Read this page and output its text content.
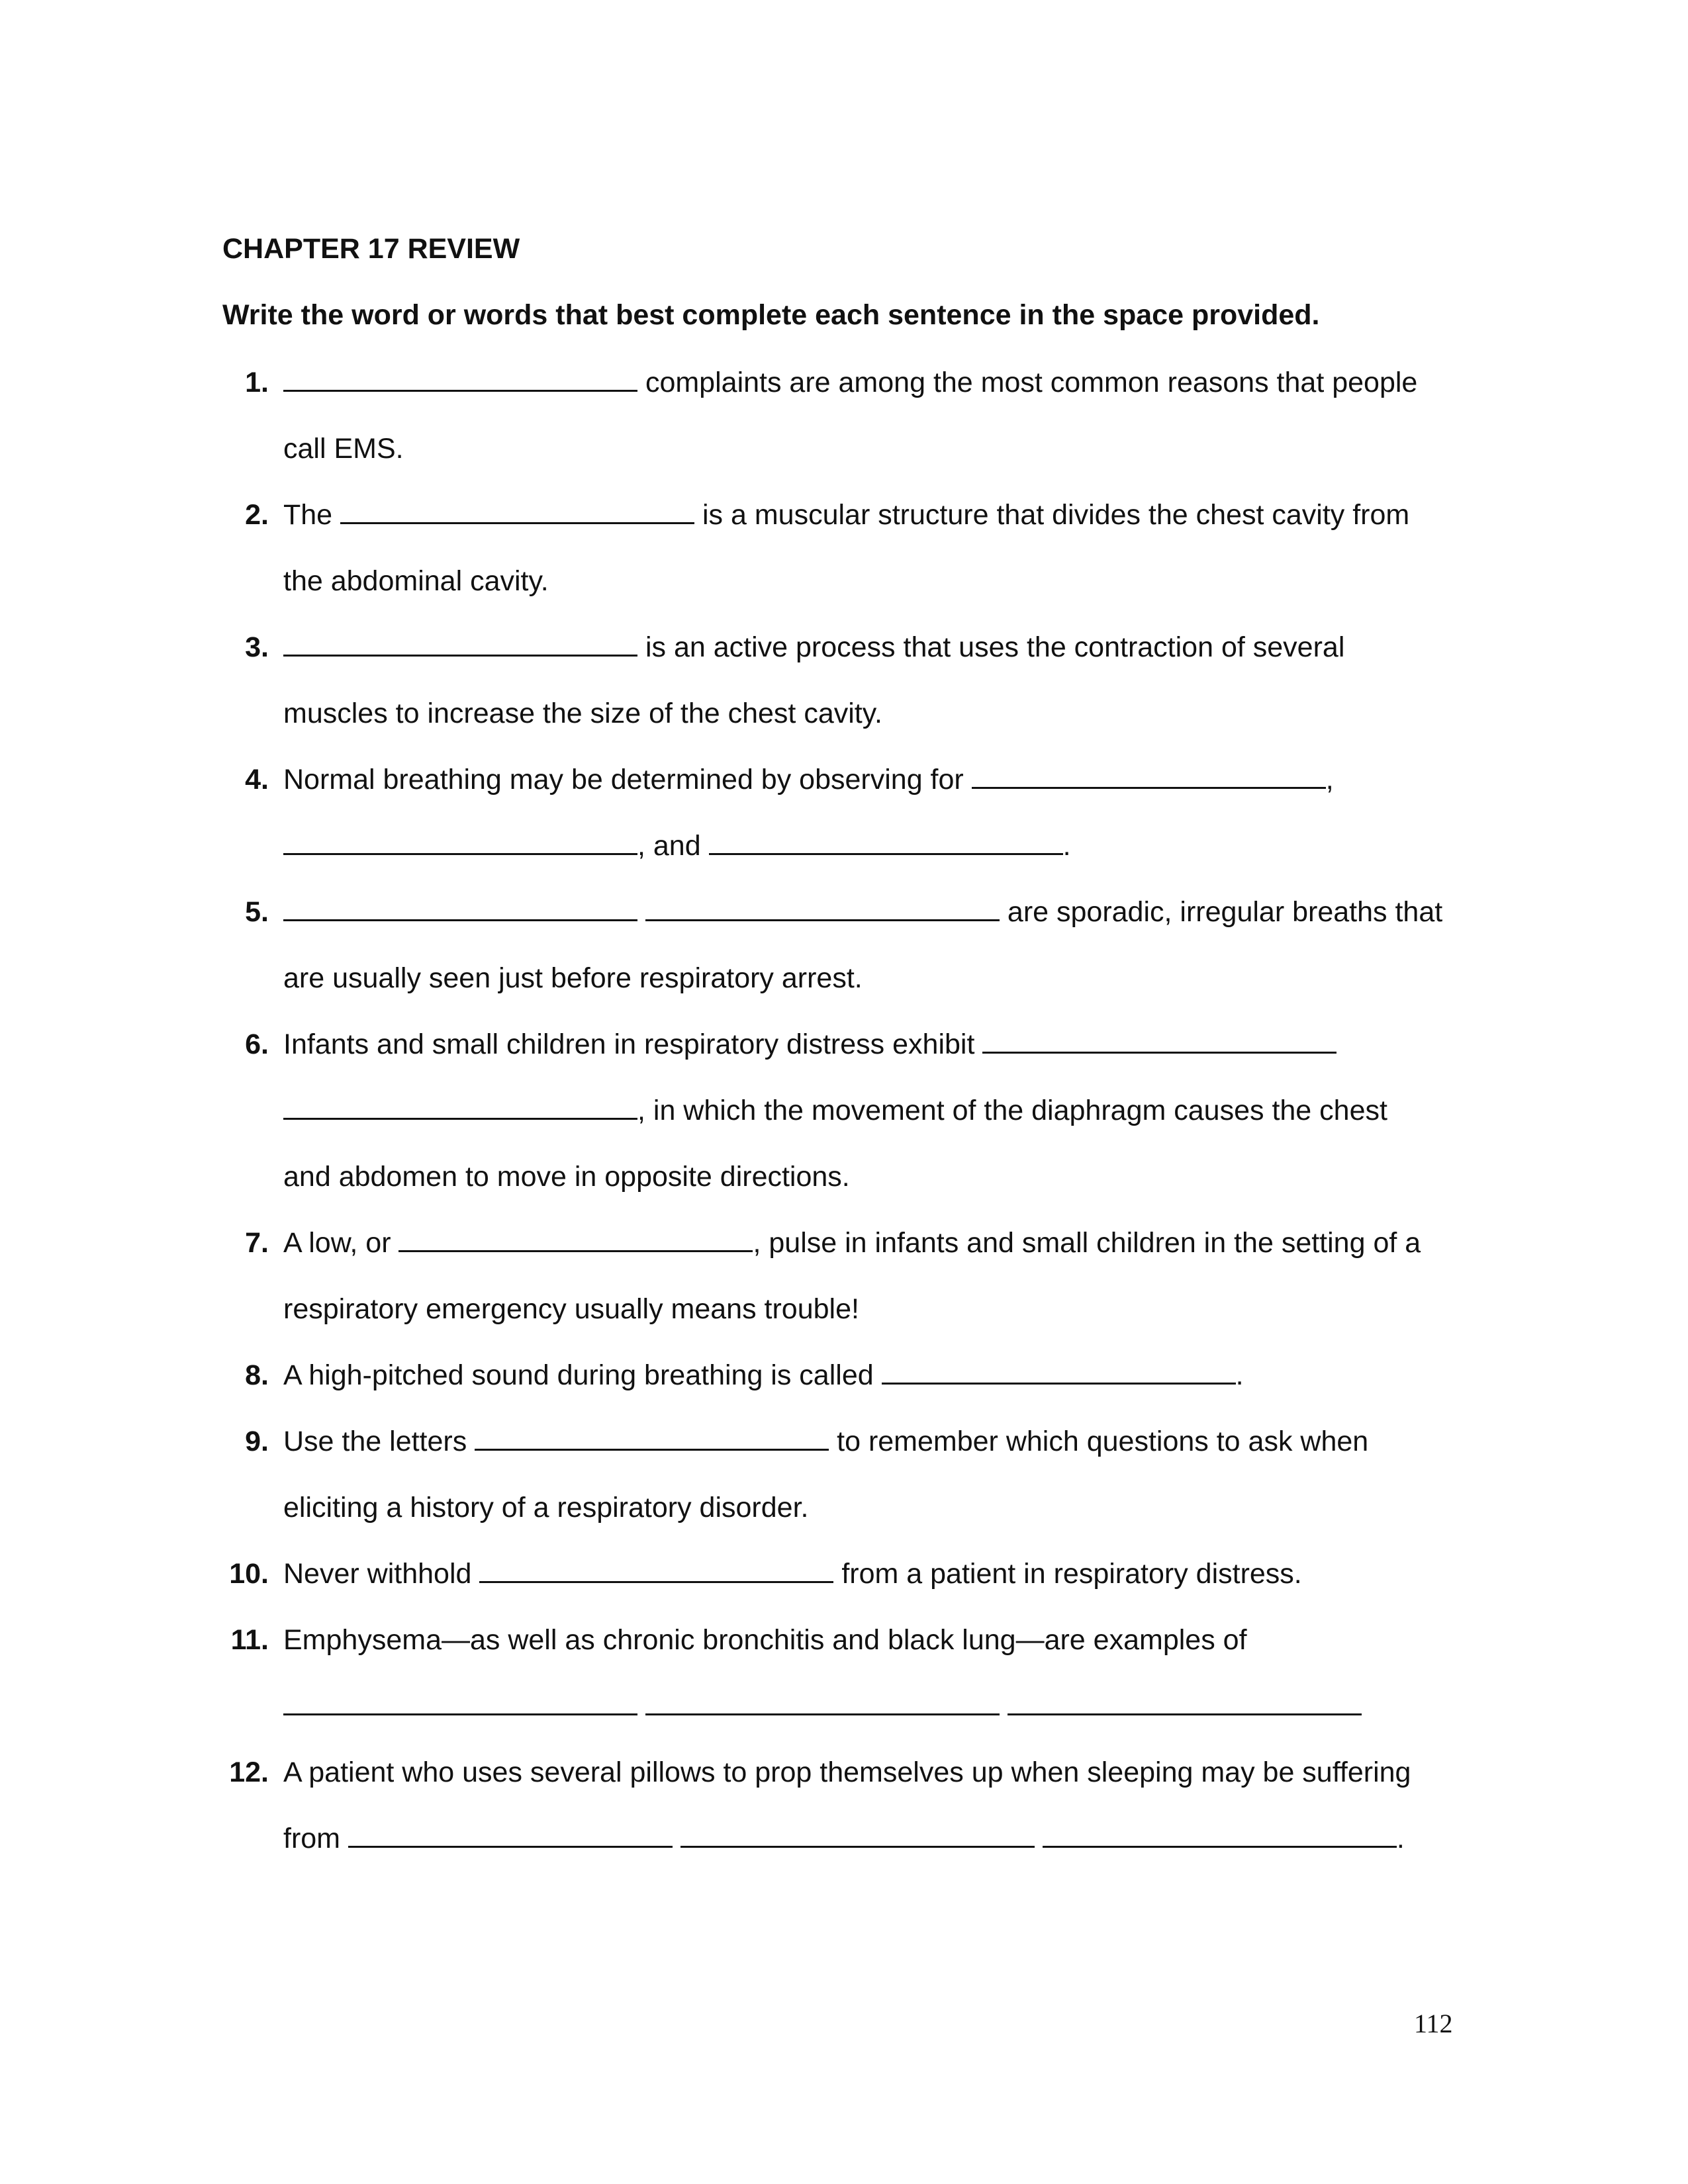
CHAPTER 17 REVIEW

Write the word or words that best complete each sentence in the space provided.

1.	complaints are among the most common reasons that people
call EMS.
2. The	is a muscular structure that divides the chest cavity from
the abdominal cavity.
3.	is an active process that uses the contraction of several
muscles to increase the size of the chest cavity.
4. Normal breathing may be determined by observing for	,
, and	.
5.	are sporadic, irregular breaths that
are usually seen just before respiratory arrest.
6. Infants and small children in respiratory distress exhibit
, in which the movement of the diaphragm causes the chest
and abdomen to move in opposite directions.
7. A low, or	, pulse in infants and small children in the setting of a
respiratory emergency usually means trouble!
8. A high-pitched sound during breathing is called	.
9. Use the letters	to remember which questions to ask when
eliciting a history of a respiratory disorder.
10. Never withhold	from a patient in respiratory distress.
11. Emphysema—as well as chronic bronchitis and black lung—are examples of

12. A patient who uses several pillows to prop themselves up when sleeping may be suffering
from	.
112
